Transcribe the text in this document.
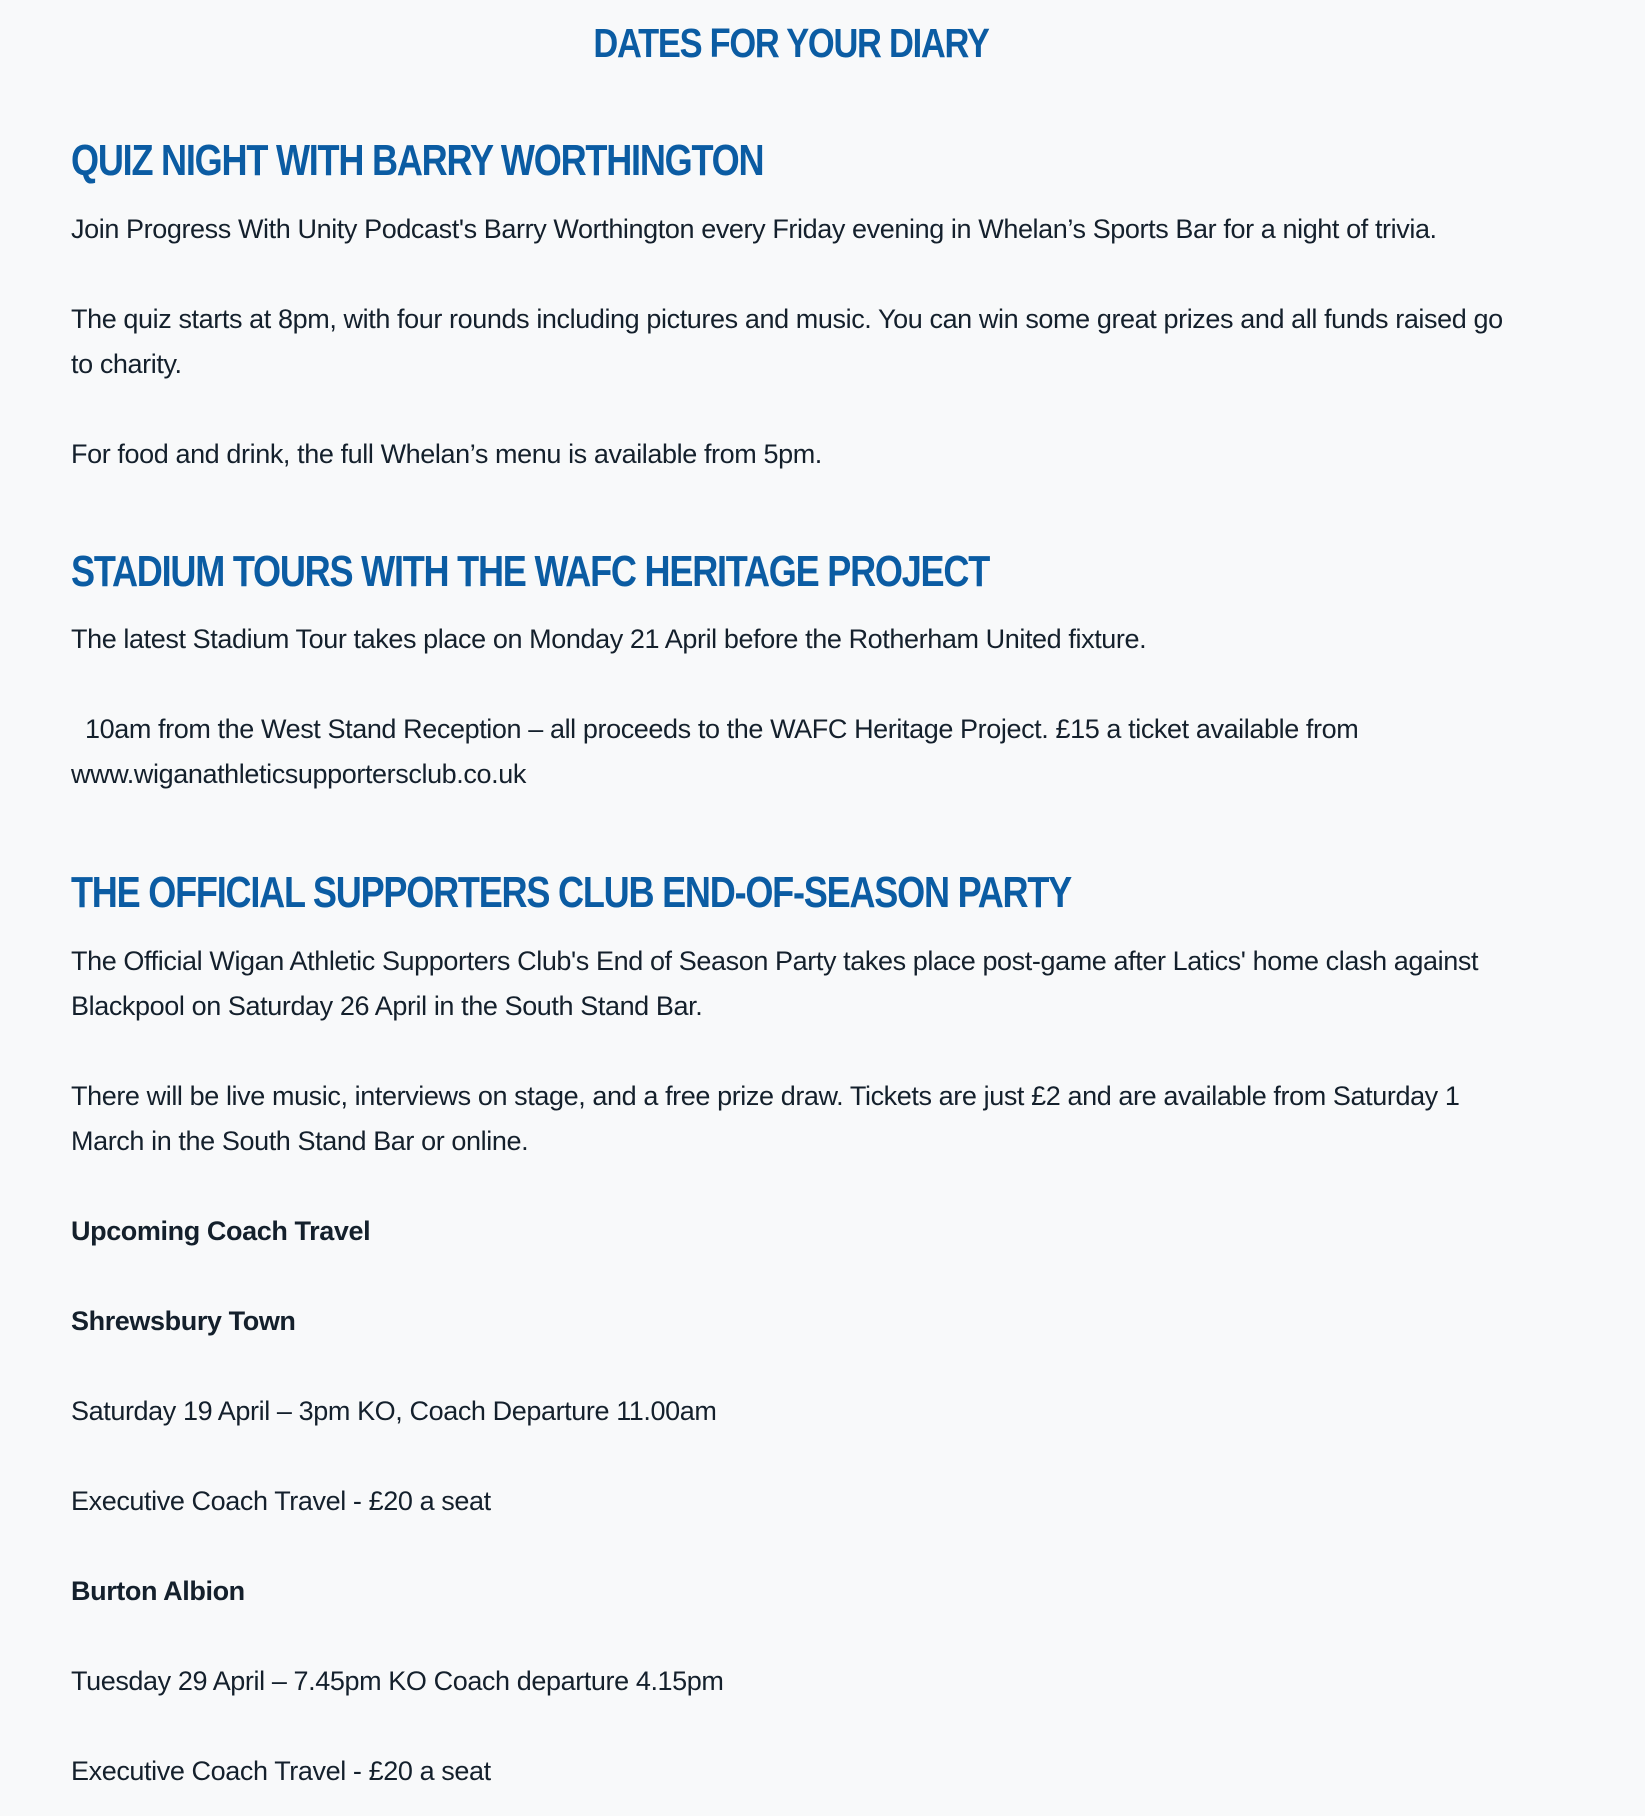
DATES FOR YOUR DIARY
QUIZ NIGHT WITH BARRY WORTHINGTON

Join Progress With Unity Podcast's Barry Worthington every Friday evening in Whelan’s Sports Bar for a night of trivia.

The quiz starts at 8pm, with four rounds including pictures and music. You can win some great prizes and all funds raised go to charity.

For food and drink, the full Whelan’s menu is available from 5pm.

STADIUM TOURS WITH THE WAFC HERITAGE PROJECT

The latest Stadium Tour takes place on Monday 21 April before the Rotherham United fixture.

10am from the West Stand Reception – all proceeds to the WAFC Heritage Project. £15 a ticket available from
www.wiganathleticsupportersclub.co.uk

THE OFFICIAL SUPPORTERS CLUB END-OF-SEASON PARTY

The Official Wigan Athletic Supporters Club's End of Season Party takes place post-game after Latics' home clash against Blackpool on Saturday 26 April in the South Stand Bar.

There will be live music, interviews on stage, and a free prize draw. Tickets are just £2 and are available from Saturday 1 March in the South Stand Bar or online.

Upcoming Coach Travel

Shrewsbury Town

Saturday 19 April – 3pm KO, Coach Departure 11.00am

Executive Coach Travel - £20 a seat

Burton Albion

Tuesday 29 April – 7.45pm KO Coach departure 4.15pm

Executive Coach Travel - £20 a seat
